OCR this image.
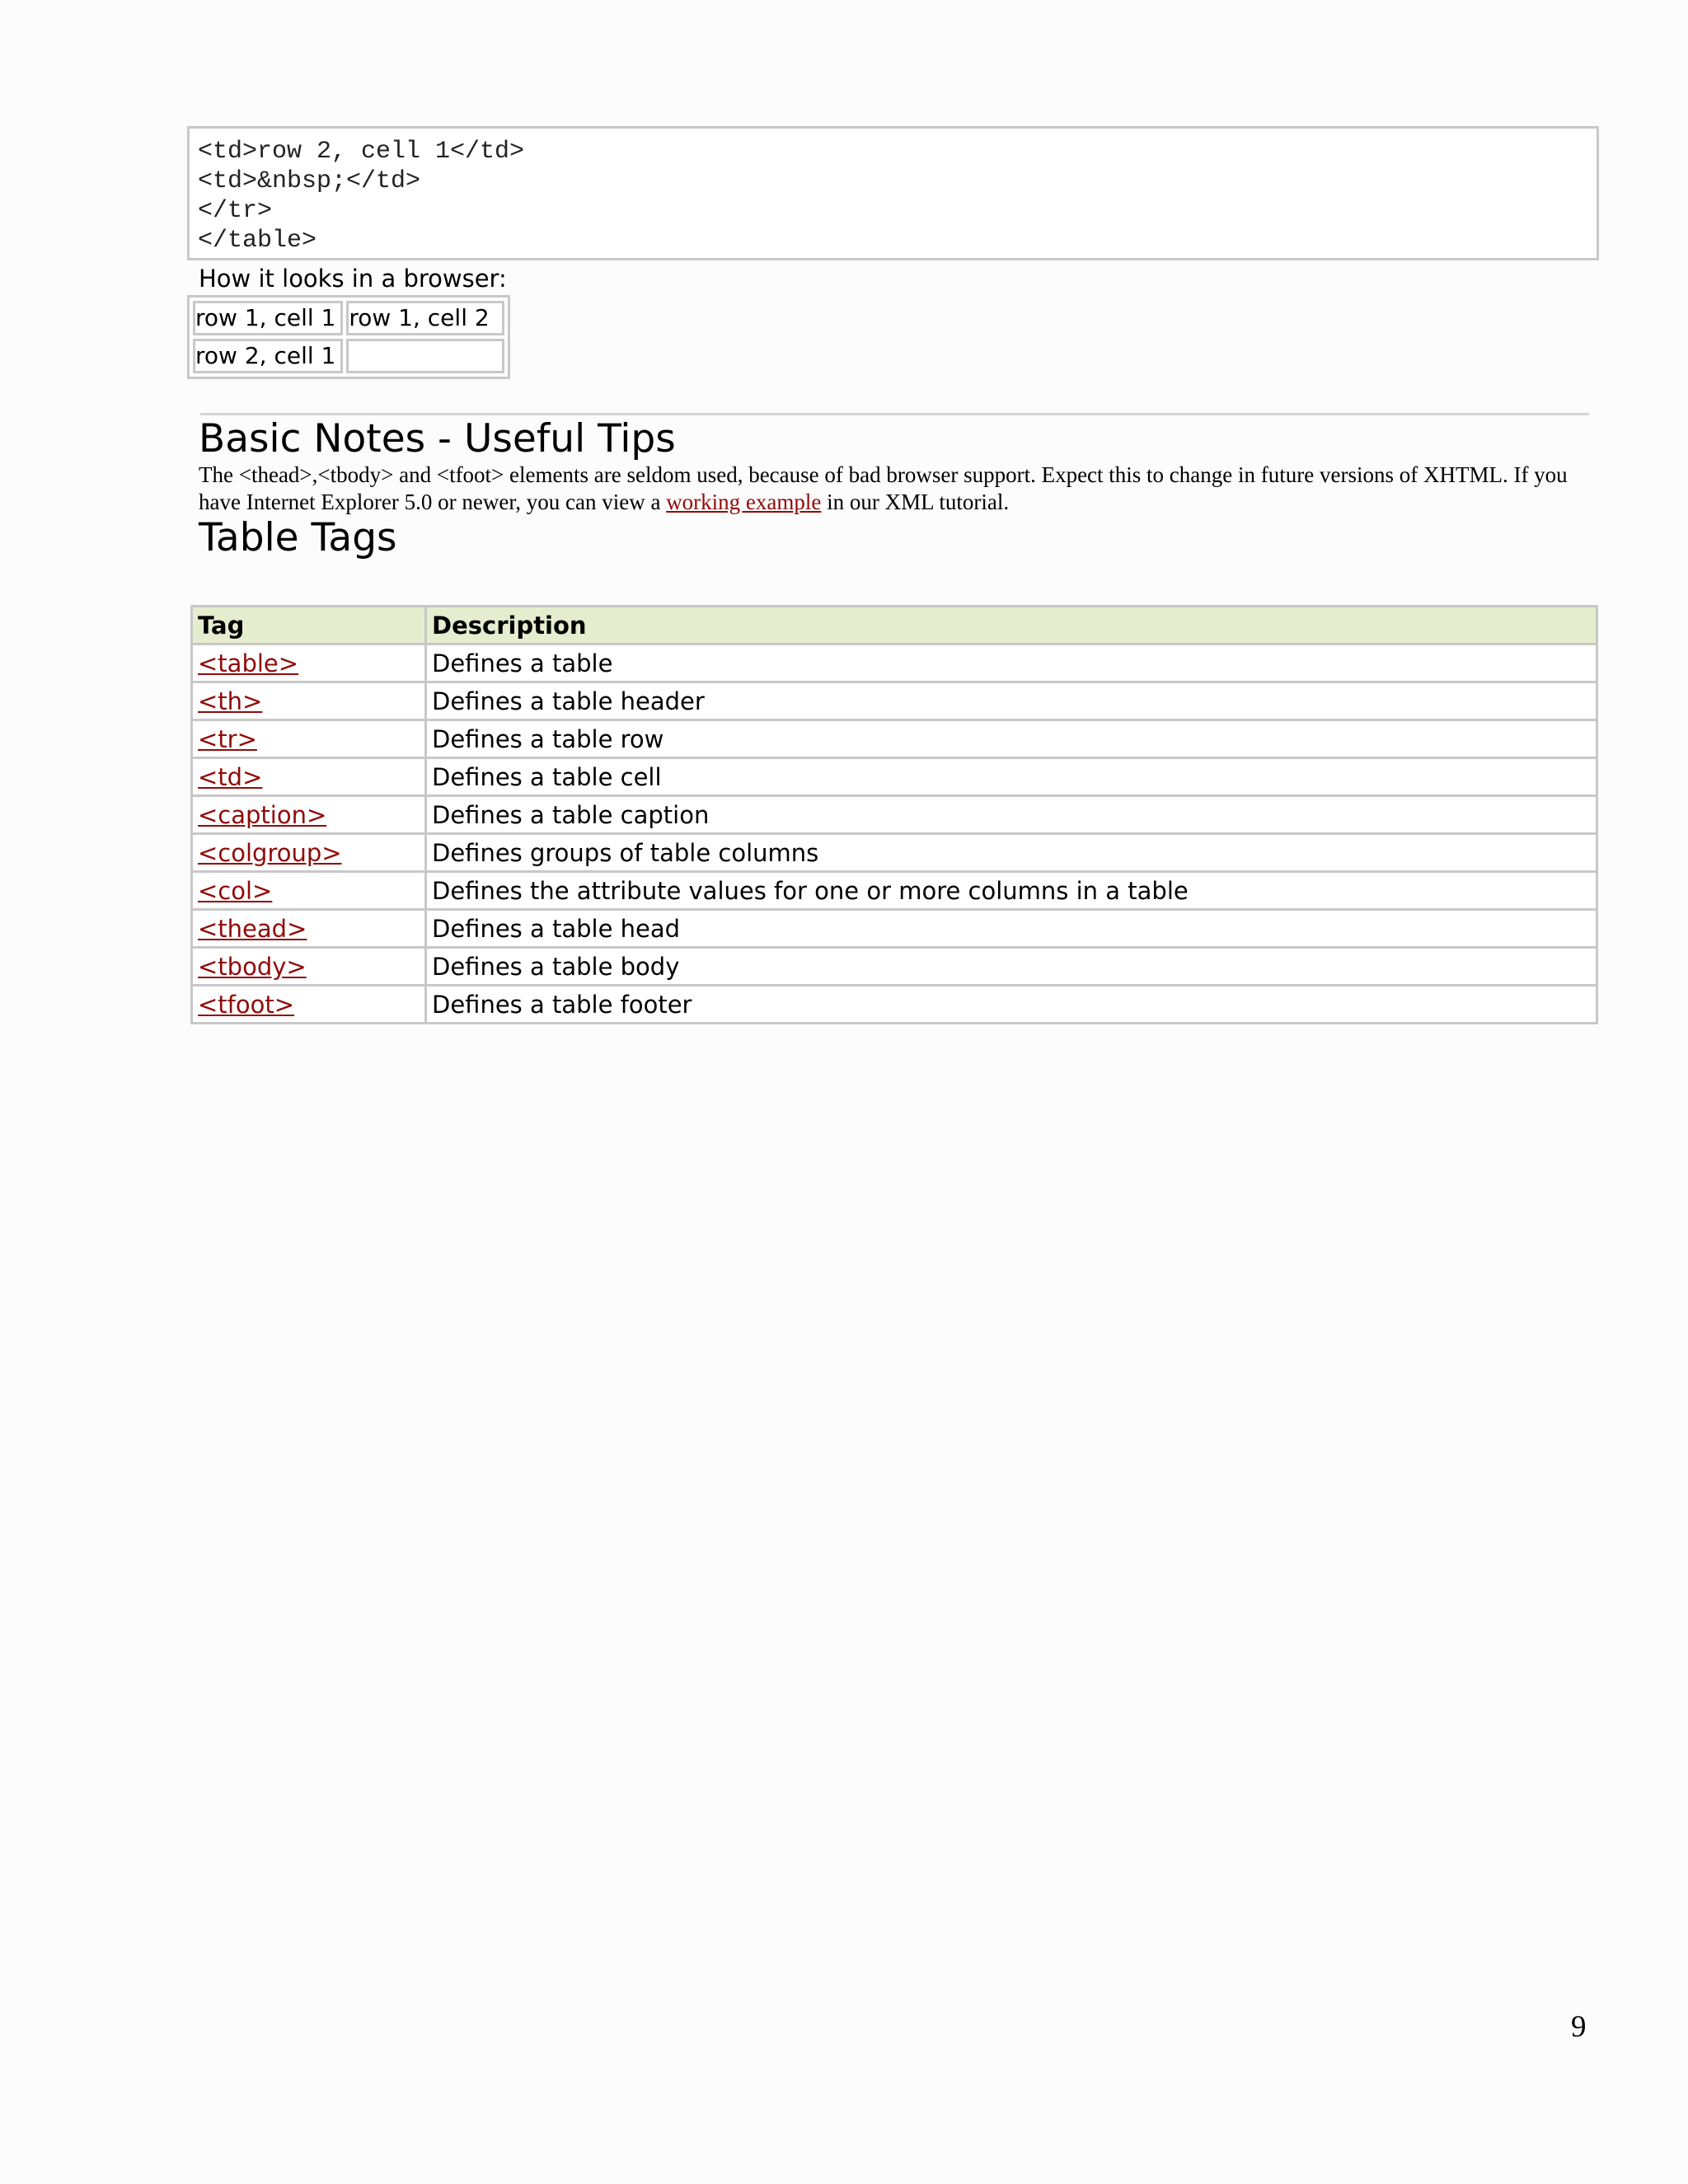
<td>row 2, cell 1</td>

<td>&nbsp;</td>

</tr>

</table>

How it looks in a browser:

row 1, cell 1	row 1, cell 2
row 2, cell 1	
Basic Notes - Useful Tips

The <thead>,<tbody> and <tfoot> elements are seldom used, because of bad browser support. Expect this to change in future versions of XHTML. If you have Internet Explorer 5.0 or newer, you can view a working example in our XML tutorial.

Table Tags
Tag	Description
<table>	Defines a table
<th>	Defines a table header
<tr>	Defines a table row
<td>	Defines a table cell
<caption>	Defines a table caption
<colgroup>	Defines groups of table columns
<col>	Defines the attribute values for one or more columns in a table
<thead>	Defines a table head
<tbody>	Defines a table body
<tfoot>	Defines a table footer

9
